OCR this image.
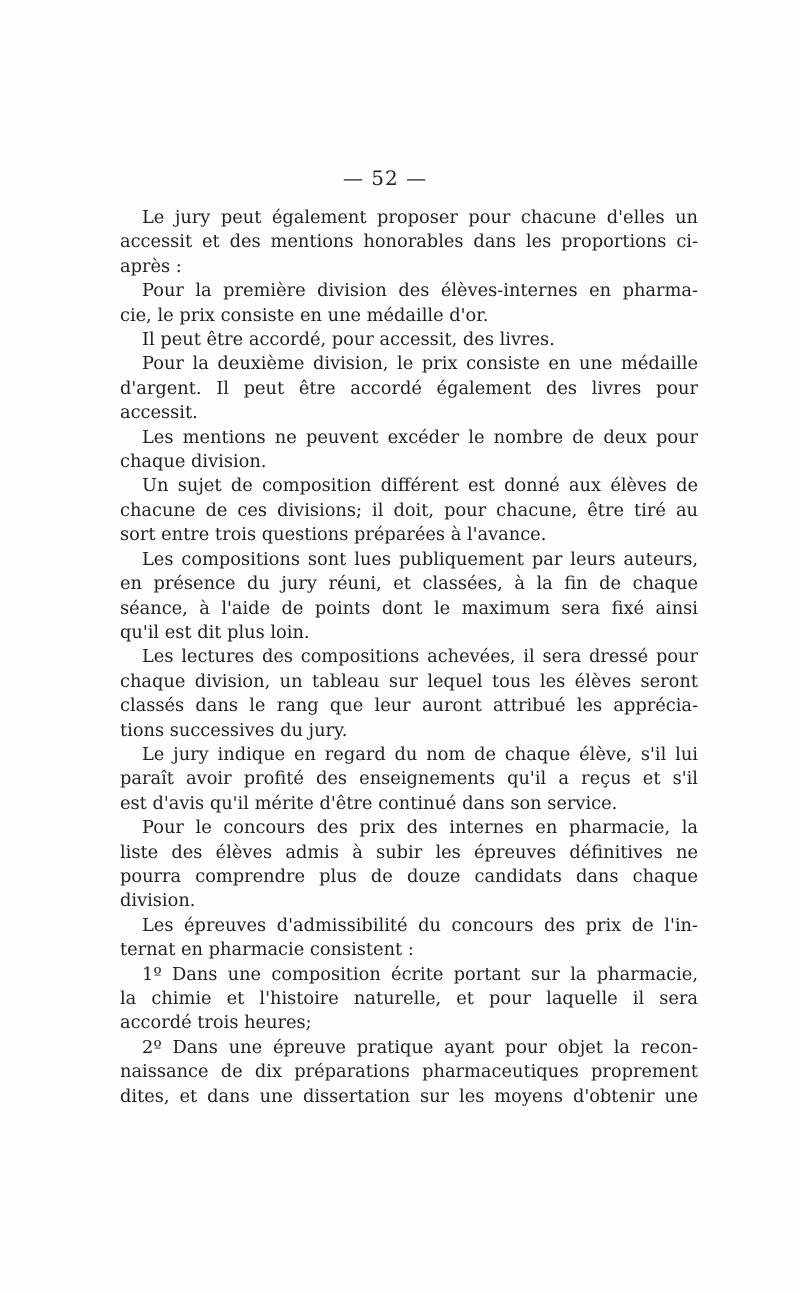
— 52 —
Le jury peut également proposer pour chacune d'elles un
accessit et des mentions honorables dans les proportions ci-
après :
Pour la première division des élèves-internes en pharma-
cie, le prix consiste en une médaille d'or.
Il peut être accordé, pour accessit, des livres.
Pour la deuxième division, le prix consiste en une médaille
d'argent. Il peut être accordé également des livres pour
accessit.
Les mentions ne peuvent excéder le nombre de deux pour
chaque division.
Un sujet de composition différent est donné aux élèves de
chacune de ces divisions; il doit, pour chacune, être tiré au
sort entre trois questions préparées à l'avance.
Les compositions sont lues publiquement par leurs auteurs,
en présence du jury réuni, et classées, à la fin de chaque
séance, à l'aide de points dont le maximum sera fixé ainsi
qu'il est dit plus loin.
Les lectures des compositions achevées, il sera dressé pour
chaque division, un tableau sur lequel tous les élèves seront
classés dans le rang que leur auront attribué les apprécia-
tions successives du jury.
Le jury indique en regard du nom de chaque élève, s'il lui
paraît avoir profité des enseignements qu'il a reçus et s'il
est d'avis qu'il mérite d'être continué dans son service.
Pour le concours des prix des internes en pharmacie, la
liste des élèves admis à subir les épreuves définitives ne
pourra comprendre plus de douze candidats dans chaque
division.
Les épreuves d'admissibilité du concours des prix de l'in-
ternat en pharmacie consistent :
1º Dans une composition écrite portant sur la pharmacie,
la chimie et l'histoire naturelle, et pour laquelle il sera
accordé trois heures;
2º Dans une épreuve pratique ayant pour objet la recon-
naissance de dix préparations pharmaceutiques proprement
dites, et dans une dissertation sur les moyens d'obtenir une
